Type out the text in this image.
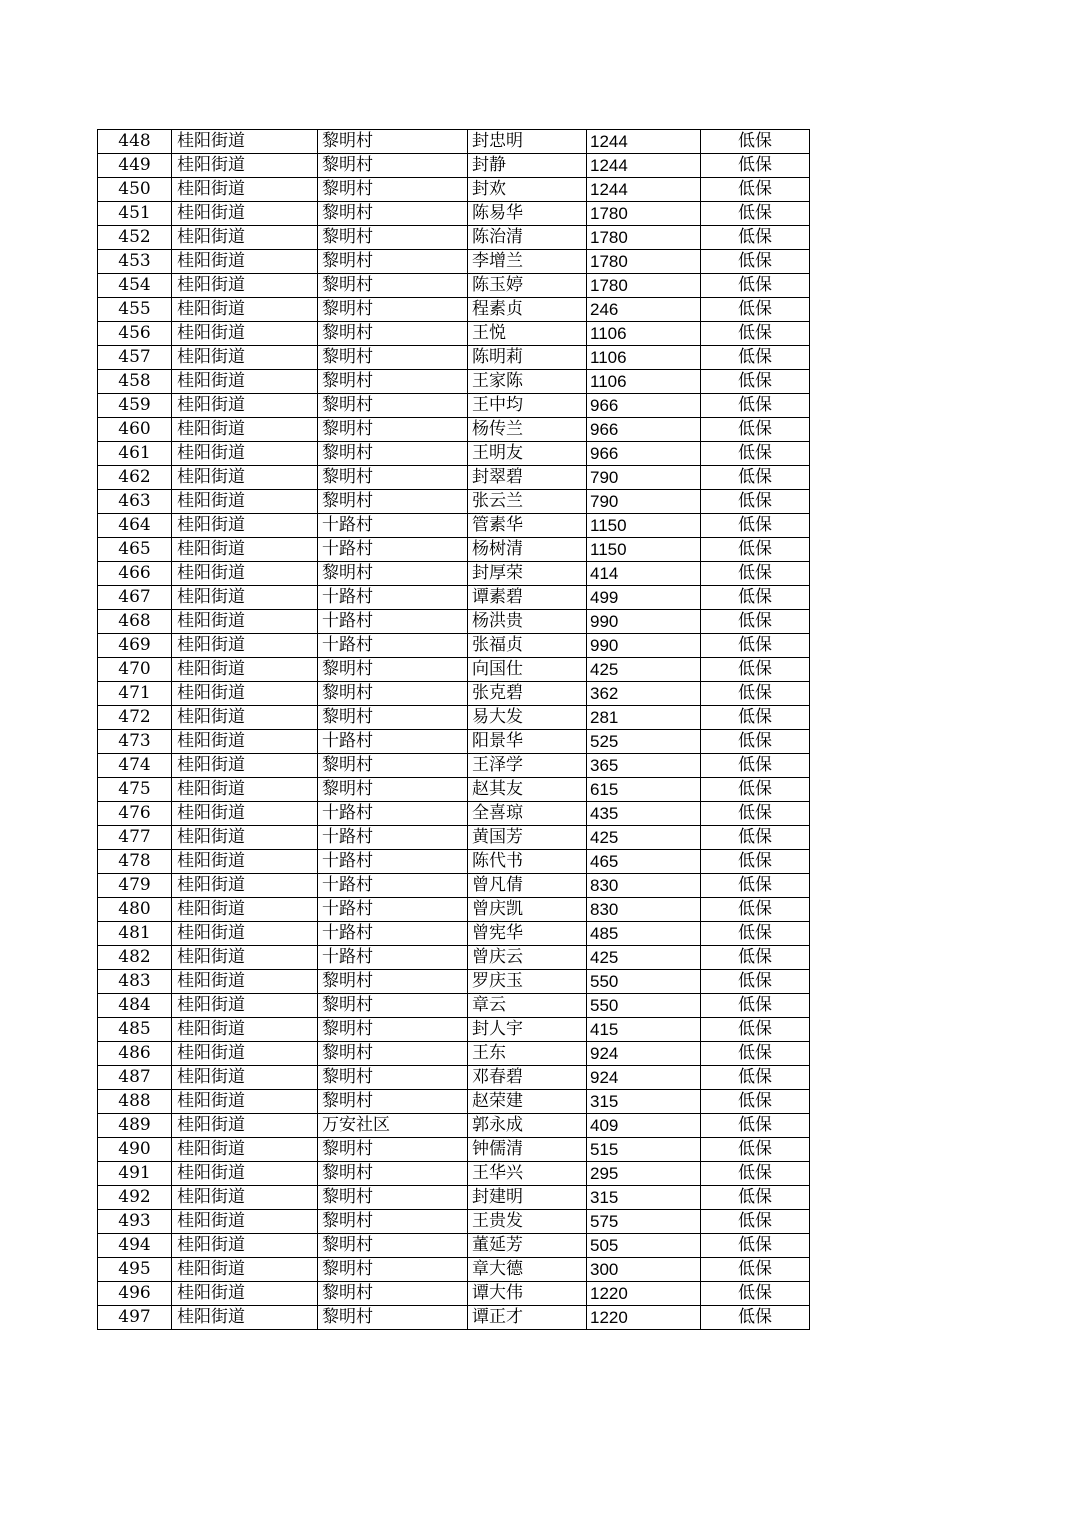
448	桂阳街道	黎明村	封忠明	1244	低保
449	桂阳街道	黎明村	封静	1244	低保
450	桂阳街道	黎明村	封欢	1244	低保
451	桂阳街道	黎明村	陈易华	1780	低保
452	桂阳街道	黎明村	陈治清	1780	低保
453	桂阳街道	黎明村	李增兰	1780	低保
454	桂阳街道	黎明村	陈玉婷	1780	低保
455	桂阳街道	黎明村	程素贞	246	低保
456	桂阳街道	黎明村	王悦	1106	低保
457	桂阳街道	黎明村	陈明莉	1106	低保
458	桂阳街道	黎明村	王家陈	1106	低保
459	桂阳街道	黎明村	王中均	966	低保
460	桂阳街道	黎明村	杨传兰	966	低保
461	桂阳街道	黎明村	王明友	966	低保
462	桂阳街道	黎明村	封翠碧	790	低保
463	桂阳街道	黎明村	张云兰	790	低保
464	桂阳街道	十路村	管素华	1150	低保
465	桂阳街道	十路村	杨树清	1150	低保
466	桂阳街道	黎明村	封厚荣	414	低保
467	桂阳街道	十路村	谭素碧	499	低保
468	桂阳街道	十路村	杨洪贵	990	低保
469	桂阳街道	十路村	张福贞	990	低保
470	桂阳街道	黎明村	向国仕	425	低保
471	桂阳街道	黎明村	张克碧	362	低保
472	桂阳街道	黎明村	易大发	281	低保
473	桂阳街道	十路村	阳景华	525	低保
474	桂阳街道	黎明村	王泽学	365	低保
475	桂阳街道	黎明村	赵其友	615	低保
476	桂阳街道	十路村	全喜琼	435	低保
477	桂阳街道	十路村	黄国芳	425	低保
478	桂阳街道	十路村	陈代书	465	低保
479	桂阳街道	十路村	曾凡倩	830	低保
480	桂阳街道	十路村	曾庆凯	830	低保
481	桂阳街道	十路村	曾宪华	485	低保
482	桂阳街道	十路村	曾庆云	425	低保
483	桂阳街道	黎明村	罗庆玉	550	低保
484	桂阳街道	黎明村	章云	550	低保
485	桂阳街道	黎明村	封人宇	415	低保
486	桂阳街道	黎明村	王东	924	低保
487	桂阳街道	黎明村	邓春碧	924	低保
488	桂阳街道	黎明村	赵荣建	315	低保
489	桂阳街道	万安社区	郭永成	409	低保
490	桂阳街道	黎明村	钟儒清	515	低保
491	桂阳街道	黎明村	王华兴	295	低保
492	桂阳街道	黎明村	封建明	315	低保
493	桂阳街道	黎明村	王贵发	575	低保
494	桂阳街道	黎明村	董延芳	505	低保
495	桂阳街道	黎明村	章大德	300	低保
496	桂阳街道	黎明村	谭大伟	1220	低保
497	桂阳街道	黎明村	谭正才	1220	低保
